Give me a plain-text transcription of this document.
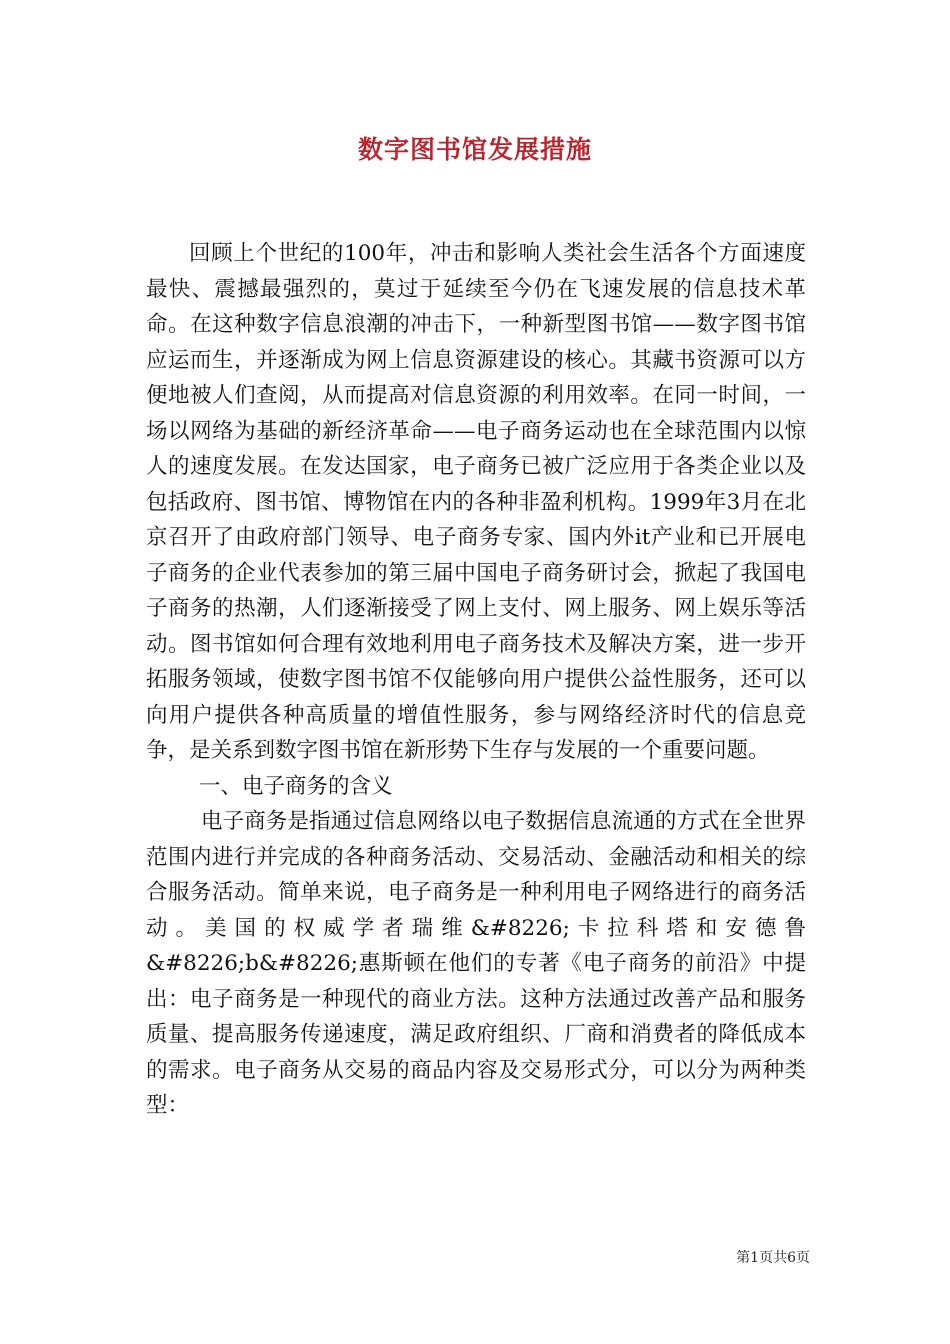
数字图书馆发展措施

回顾上个世纪的100年，冲击和影响人类社会生活各个方面速度最快、震撼最强烈的，莫过于延续至今仍在飞速发展的信息技术革命。在这种数字信息浪潮的冲击下，一种新型图书馆——数字图书馆应运而生，并逐渐成为网上信息资源建设的核心。其藏书资源可以方便地被人们查阅，从而提高对信息资源的利用效率。在同一时间，一场以网络为基础的新经济革命——电子商务运动也在全球范围内以惊人的速度发展。在发达国家，电子商务已被广泛应用于各类企业以及包括政府、图书馆、博物馆在内的各种非盈利机构。1999年3月在北京召开了由政府部门领导、电子商务专家、国内外it产业和已开展电子商务的企业代表参加的第三届中国电子商务研讨会，掀起了我国电子商务的热潮，人们逐渐接受了网上支付、网上服务、网上娱乐等活动。图书馆如何合理有效地利用电子商务技术及解决方案，进一步开拓服务领域，使数字图书馆不仅能够向用户提供公益性服务，还可以向用户提供各种高质量的增值性服务，参与网络经济时代的信息竞争，是关系到数字图书馆在新形势下生存与发展的一个重要问题。

一、电子商务的含义

电子商务是指通过信息网络以电子数据信息流通的方式在全世界范围内进行并完成的各种商务活动、交易活动、金融活动和相关的综合服务活动。简单来说，电子商务是一种利用电子网络进行的商务活动。美国的权威学者瑞维&#8226;卡拉科塔和安德鲁&#8226;b&#8226;惠斯顿在他们的专著《电子商务的前沿》中提出：电子商务是一种现代的商业方法。这种方法通过改善产品和服务质量、提高服务传递速度，满足政府组织、厂商和消费者的降低成本的需求。电子商务从交易的商品内容及交易形式分，可以分为两种类型：

第1页共6页
